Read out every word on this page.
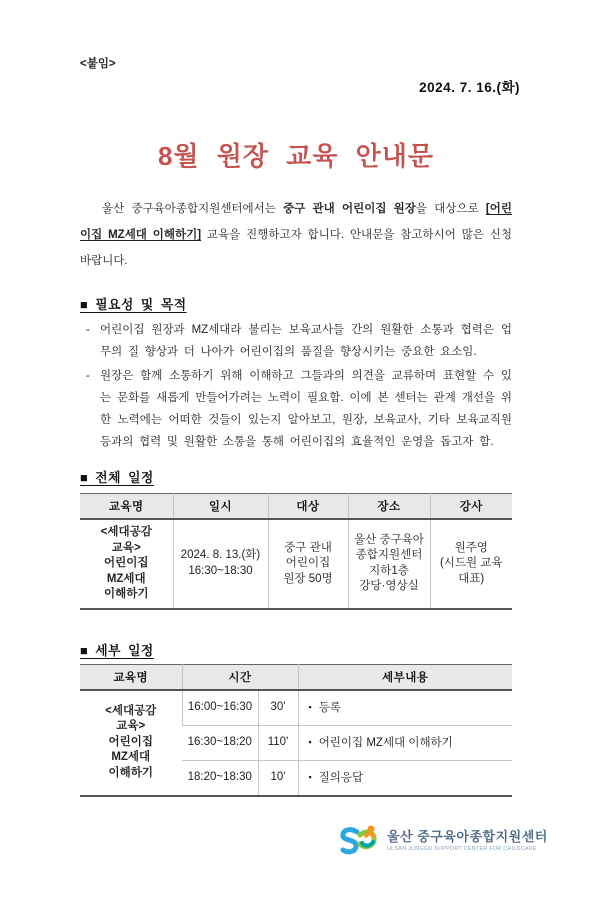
<붙임>
2024. 7. 16.(화)
8월 원장 교육 안내문

울산 중구육아종합지원센터에서는 중구 관내 어린이집 원장을 대상으로 [어린이집 MZ세대 이해하기] 교육을 진행하고자 합니다. 안내문을 참고하시어 많은 신청 바랍니다.

■ 필요성 및 목적
- 어린이집 원장과 MZ세대라 불리는 보육교사들 간의 원활한 소통과 협력은 업무의 질 향상과 더 나아가 어린이집의 품질을 향상시키는 중요한 요소임.
- 원장은 함께 소통하기 위해 이해하고 그들과의 의견을 교류하며 표현할 수 있는 문화를 새롭게 만들어가려는 노력이 필요함. 이에 본 센터는 관계 개선을 위한 노력에는 어떠한 것들이 있는지 알아보고, 원장, 보육교사, 기타 보육교직원 등과의 협력 및 원활한 소통을 통해 어린이집의 효율적인 운영을 돕고자 함.
■ 전체 일정
교육명	일시	대상	장소	강사
<세대공감
교육>
어린이집
MZ세대
이해하기	2024. 8. 13.(화)
16:30~18:30	중구 관내
어린이집
원장 50명	울산 중구육아
종합지원센터
지하1층
강당·영상실	원주영
(시드원 교육
대표)
■ 세부 일정
교육명	시간		세부내용
<세대공감
교육>
어린이집
MZ세대
이해하기	16:00~16:30	30'	▪ 등록
	16:30~18:20	110'	▪ 어린이집 MZ세대 이해하기
	18:20~18:30	10'	▪ 질의응답
울산 중구육아종합지원센터
ULSAN JUNGGU SUPPORT CENTER FOR CHILDCARE
